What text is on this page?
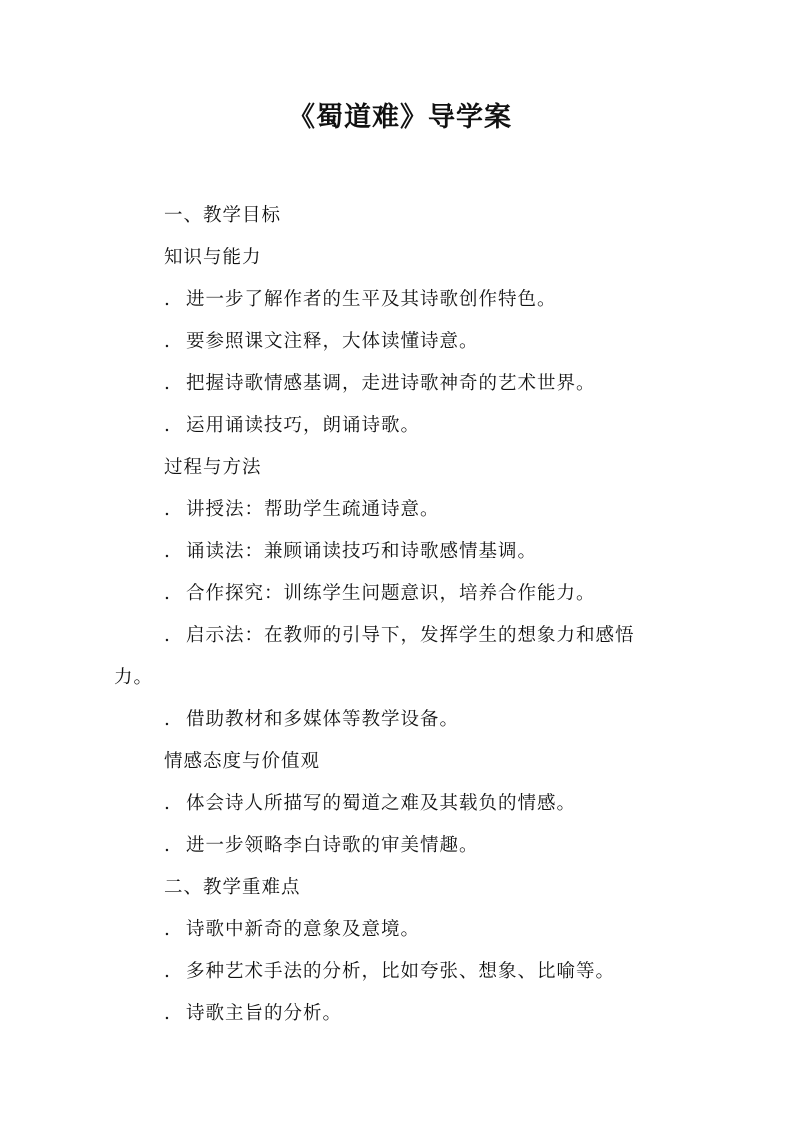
《蜀道难》导学案
一、教学目标
知识与能力
. 进一步了解作者的生平及其诗歌创作特色。
. 要参照课文注释，大体读懂诗意。
. 把握诗歌情感基调，走进诗歌神奇的艺术世界。
. 运用诵读技巧，朗诵诗歌。
过程与方法
. 讲授法：帮助学生疏通诗意。
. 诵读法：兼顾诵读技巧和诗歌感情基调。
. 合作探究：训练学生问题意识，培养合作能力。
. 启示法：在教师的引导下，发挥学生的想象力和感悟
力。
. 借助教材和多媒体等教学设备。
情感态度与价值观
. 体会诗人所描写的蜀道之难及其载负的情感。
. 进一步领略李白诗歌的审美情趣。
二、教学重难点
. 诗歌中新奇的意象及意境。
. 多种艺术手法的分析，比如夸张、想象、比喻等。
. 诗歌主旨的分析。
